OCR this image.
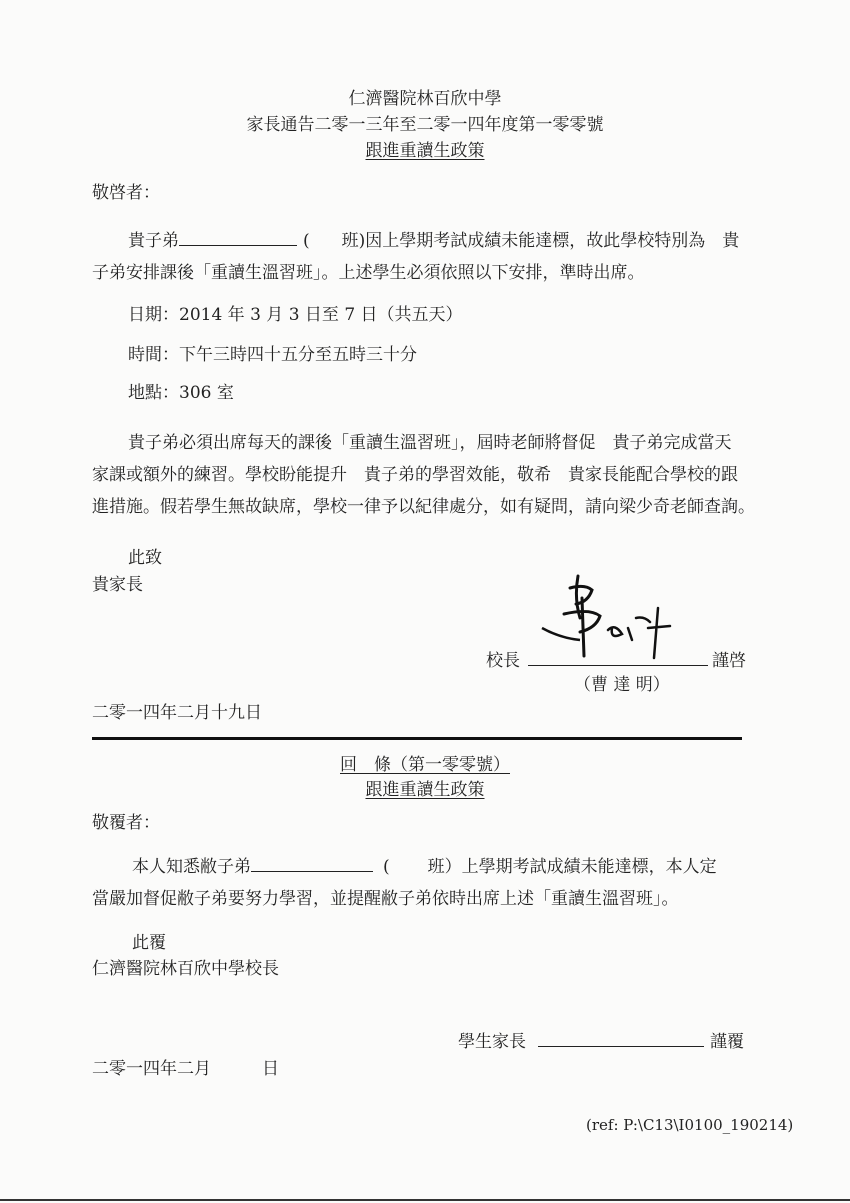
仁濟醫院林百欣中學
家長通告二零一三年至二零一四年度第一零零號
跟進重讀生政策
敬啓者：
貴子弟	( 班)因上學期考試成績未能達標，故此學校特別為　貴
子弟安排課後「重讀生溫習班」。上述學生必須依照以下安排，準時出席。
日期：2014 年 3 月 3 日至 7 日（共五天）
時間：下午三時四十五分至五時三十分
地點：306 室
貴子弟必須出席每天的課後「重讀生溫習班」，屆時老師將督促　貴子弟完成當天
家課或額外的練習。學校盼能提升　貴子弟的學習效能，敬希　貴家長能配合學校的跟
進措施。假若學生無故缺席，學校一律予以紀律處分，如有疑問，請向梁少奇老師查詢。
此致
貴家長
校長	謹啓
（曹 達 明）
二零一四年二月十九日
回　條（第一零零號）
跟進重讀生政策
敬覆者：
本人知悉敝子弟	( 班）上學期考試成績未能達標，本人定
當嚴加督促敝子弟要努力學習，並提醒敝子弟依時出席上述「重讀生溫習班」。
此覆
仁濟醫院林百欣中學校長
學生家長	謹覆
二零一四年二月　　　日
(ref: P:\C13\I0100_190214)
